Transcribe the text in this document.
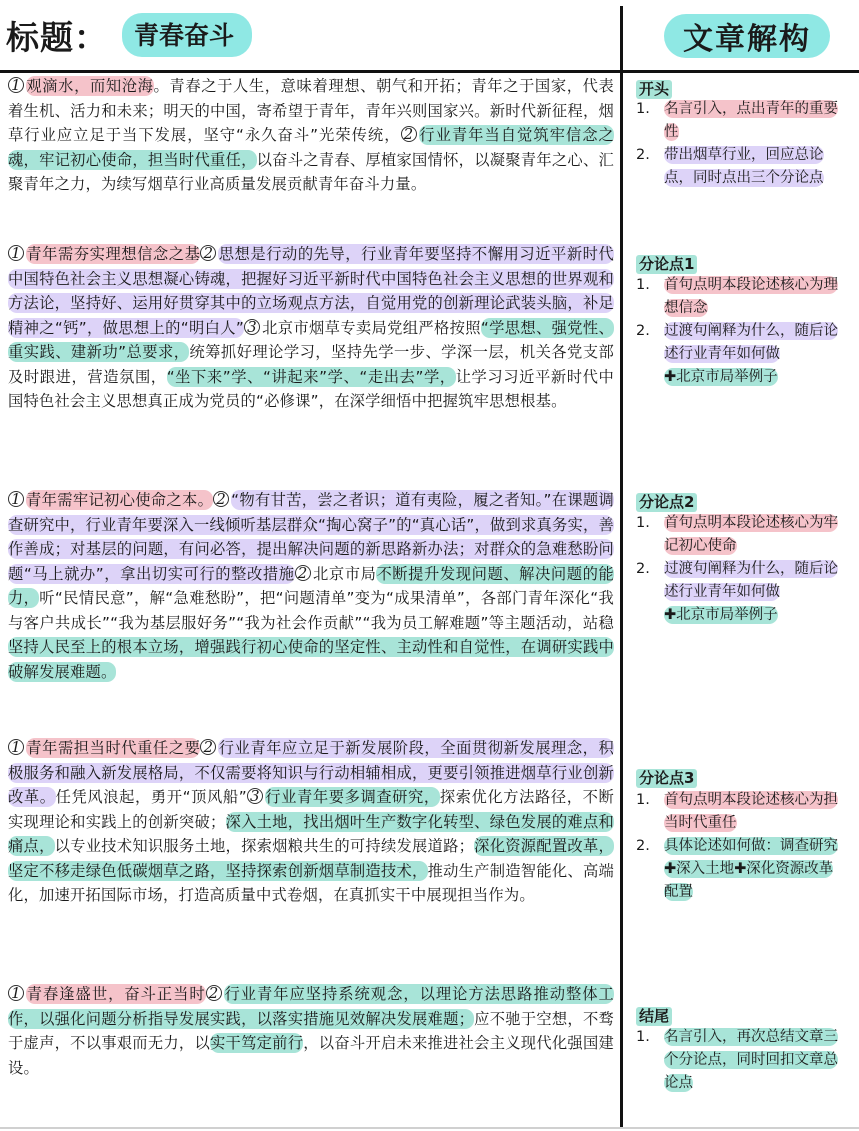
标题：	青春奋斗	文章解构
1 观滴水，而知沧海。青春之于人生，意味着理想、朝气和开拓；青年之于国家，代表着生机、活力和未来；明天的中国，寄希望于青年，青年兴则国家兴。新时代新征程，烟草行业应立足于当下发展，坚守“永久奋斗”光荣传统， 2 行业青年当自觉筑牢信念之魂，牢记初心使命，担当时代重任，以奋斗之青春、厚植家国情怀，以凝聚青年之心、汇聚青年之力，为续写烟草行业高质量发展贡献青年奋斗力量。
1 青年需夯实理想信念之基 2 思想是行动的先导，行业青年要坚持不懈用习近平新时代中国特色社会主义思想凝心铸魂，把握好习近平新时代中国特色社会主义思想的世界观和方法论，坚持好、运用好贯穿其中的立场观点方法，自觉用党的创新理论武装头脑，补足精神之“钙”，做思想上的“明白人” 3 北京市烟草专卖局党组严格按照“学思想、强党性、重实践、建新功”总要求，统筹抓好理论学习，坚持先学一步、学深一层，机关各党支部及时跟进，营造氛围，“坐下来”学、“讲起来”学、“走出去”学，让学习习近平新时代中国特色社会主义思想真正成为党员的“必修课”，在深学细悟中把握筑牢思想根基。
1 青年需牢记初心使命之本。 2 “物有甘苦，尝之者识；道有夷险，履之者知。”在课题调查研究中，行业青年要深入一线倾听基层群众“掏心窝子”的“真心话”，做到求真务实，善作善成；对基层的问题，有问必答，提出解决问题的新思路新办法；对群众的急难愁盼问题“马上就办”，拿出切实可行的整改措施 2 北京市局不断提升发现问题、解决问题的能力，听“民情民意”，解“急难愁盼”，把“问题清单”变为“成果清单”，各部门青年深化“我与客户共成长”“我为基层服好务”“我为社会作贡献”“我为员工解难题”等主题活动，站稳坚持人民至上的根本立场，增强践行初心使命的坚定性、主动性和自觉性，在调研实践中破解发展难题。
1 青年需担当时代重任之要 2 行业青年应立足于新发展阶段，全面贯彻新发展理念，积极服务和融入新发展格局，不仅需要将知识与行动相辅相成，更要引领推进烟草行业创新改革。任凭风浪起，勇开“顶风船” 3 行业青年要多调查研究，探索优化方法路径，不断实现理论和实践上的创新突破；深入土地，找出烟叶生产数字化转型、绿色发展的难点和痛点，以专业技术知识服务土地，探索烟粮共生的可持续发展道路；深化资源配置改革，坚定不移走绿色低碳烟草之路，坚持探索创新烟草制造技术，推动生产制造智能化、高端化，加速开拓国际市场，打造高质量中式卷烟，在真抓实干中展现担当作为。
1 青春逢盛世，奋斗正当时 2 行业青年应坚持系统观念，以理论方法思路推动整体工作，以强化问题分析指导发展实践，以落实措施见效解决发展难题；应不驰于空想，不骛于虚声，不以事艰而无力，以实干笃定前行，以奋斗开启未来推进社会主义现代化强国建设。
开头
1. 名言引入，点出青年的重要性
2. 带出烟草行业，回应总论点，同时点出三个分论点
分论点1
1. 首句点明本段论述核心为理想信念
2. 过渡句阐释为什么，随后论述行业青年如何做
✚北京市局举例子
分论点2
1. 首句点明本段论述核心为牢记初心使命
2. 过渡句阐释为什么，随后论述行业青年如何做
✚北京市局举例子
分论点3
1. 首句点明本段论述核心为担当时代重任
2. 具体论述如何做：调查研究✚深入土地✚深化资源改革配置
结尾
1. 名言引入，再次总结文章三个分论点，同时回扣文章总论点
